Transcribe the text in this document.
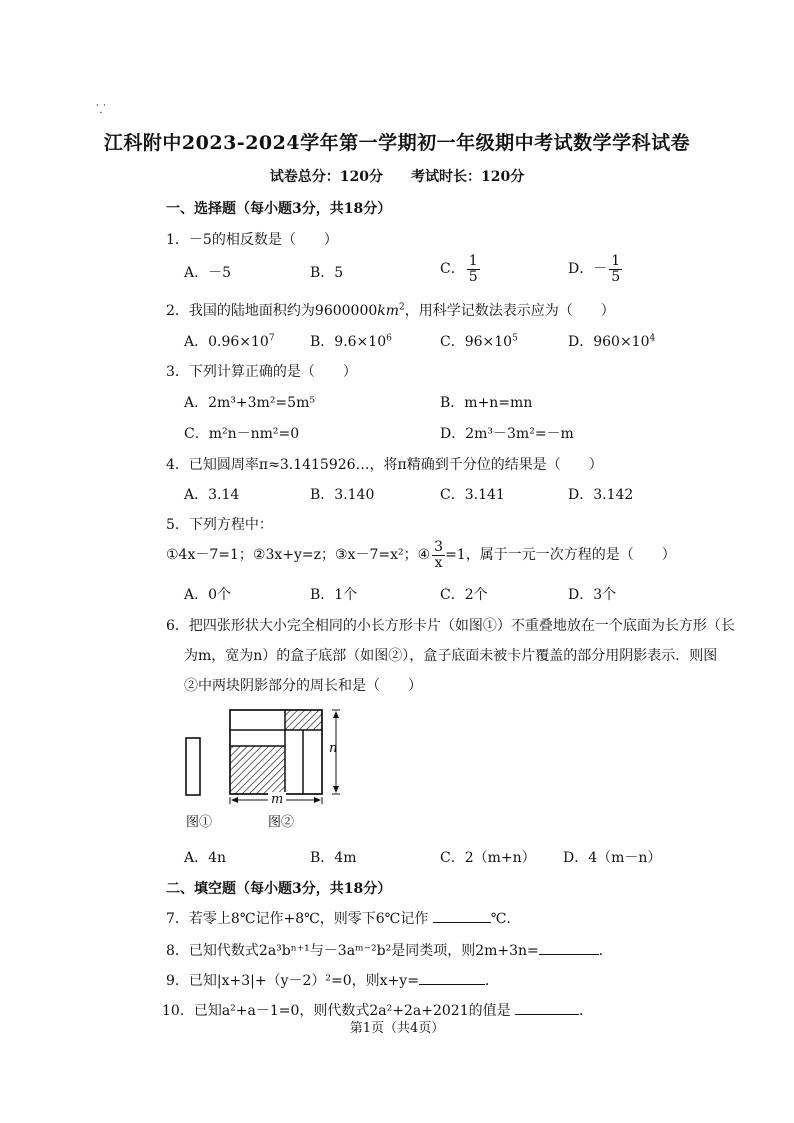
⸪
江科附中2023-2024学年第一学期初一年级期中考试数学学科试卷
试卷总分：120分 考试时长：120分
一、选择题（每小题3分，共18分）
1．－5的相反数是（　　）
A．－5	B．5	C． $\frac{1}{5}$	D．－ $\frac{1}{5}$
2．我国的陆地面积约为$9600000km^2$，用科学记数法表示应为（　　）
A．$0.96\times 10^7$	B．$9.6\times 10^6$	C．$96\times 10^5$	D．$960\times 10^4$
3．下列计算正确的是（　　）
A．2m³+3m²=5m⁵	B．m+n=mn
C．m²n－nm²=0	D．2m³－3m²=－m
4．已知圆周率π≈3.1415926…，将π精确到千分位的结果是（　　）
A．3.14	B．3.140	C．3.141	D．3.142
5．下列方程中：
①4x－7=1；②3x+y=z；③x－7=x²；④ $\frac{3}{x} =1$，属于一元一次方程的是（　　）
A．0个	B．1个	C．2个	D．3个
6．把四张形状大小完全相同的小长方形卡片（如图①）不重叠地放在一个底面为长方形（长
为m，宽为n）的盒子底部（如图②），盒子底面未被卡片覆盖的部分用阴影表示．则图
②中两块阴影部分的周长和是（　　）
n
m
图①	图②
A．4n	B．4m	C．2（m+n） D．4（m－n）
二、填空题（每小题3分，共18分）
7．若零上8℃记作+8℃，则零下6℃记作	℃．
8．已知代数式2a³bⁿ⁺¹与－3aᵐ⁻²b²是同类项，则2m+3n=	．
9．已知|x+3|+（y－2）²=0，则x+y=	．
10．已知a²+a－1=0，则代数式2a²+2a+2021的值是	．
第1页（共4页）
